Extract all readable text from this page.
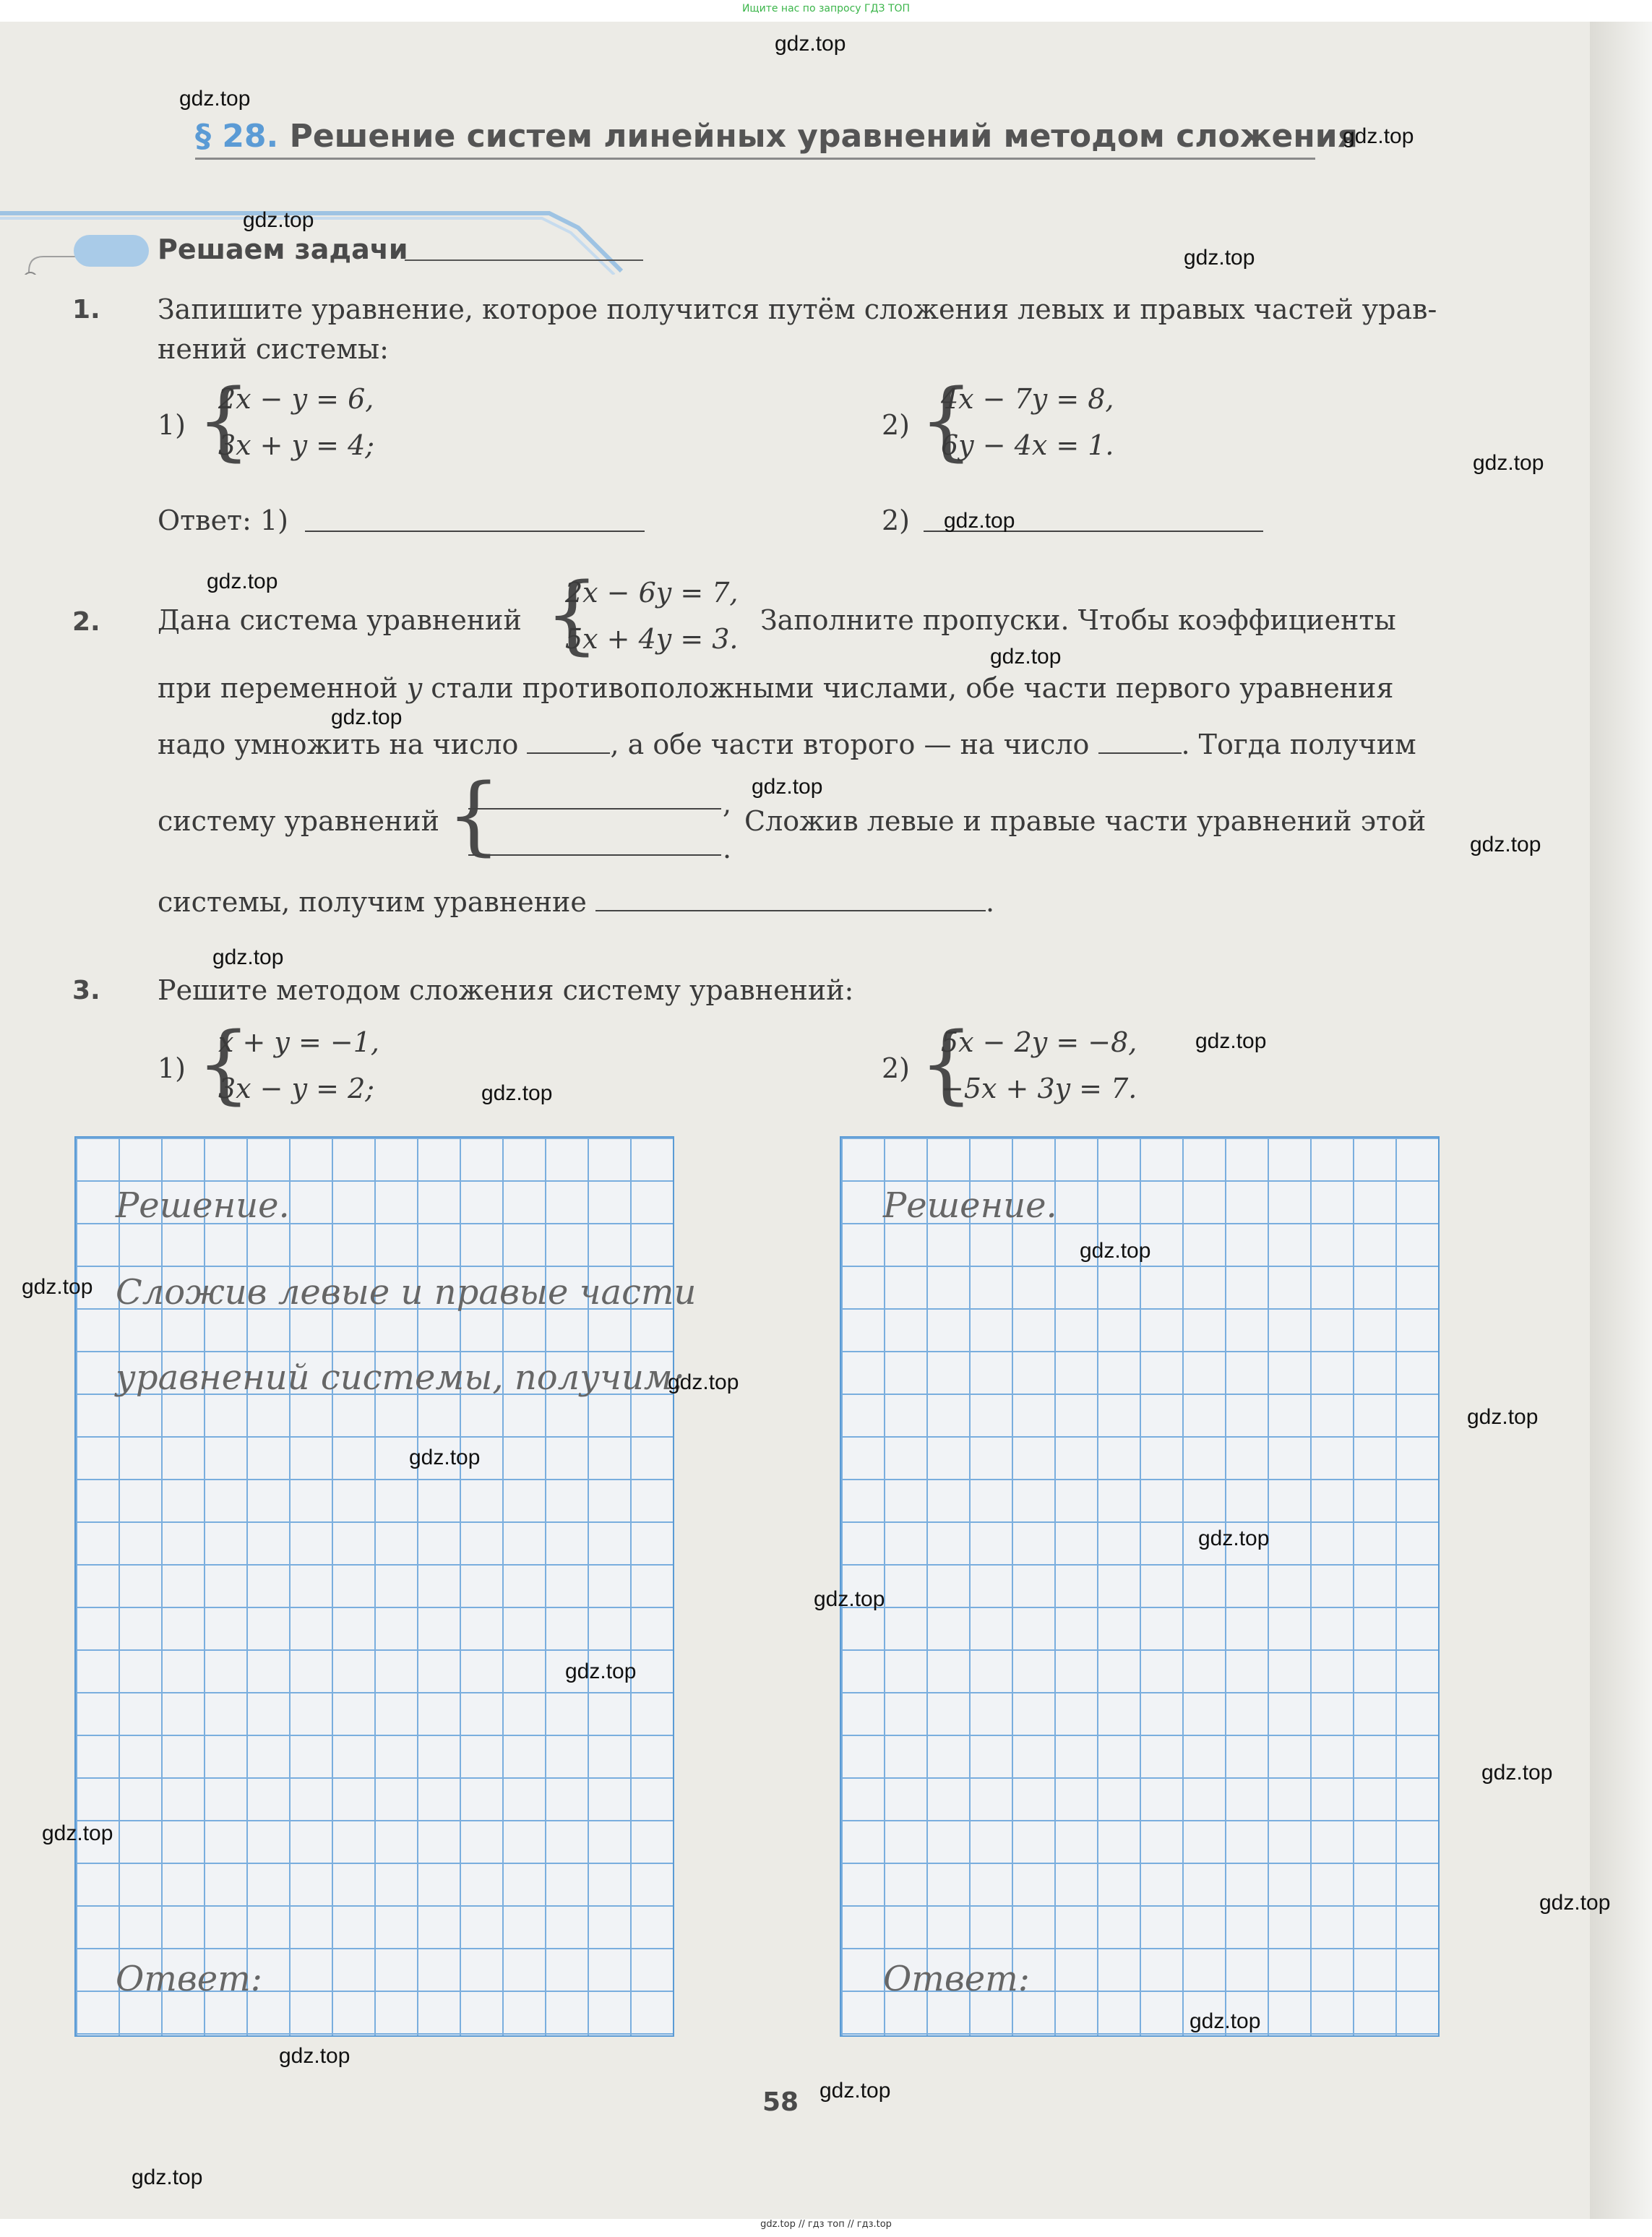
Ищите нас по запросу ГДЗ ТОП
§ 28. Решение систем линейных уравнений методом сложения
Решаем задачи
1. Запишите уравнение, которое получится путём сложения левых и правых частей урав-
нений системы:
1) {
2x − y = 6,
3x + y = 4;
2) {
4x − 7y = 8,
6y − 4x = 1.
Ответ: 1)	2)
2. Дана система уравнений {
2x − 6y = 7,
5x + 4y = 3.
Заполните пропуски. Чтобы коэффициенты
при переменной y стали противоположными числами, обе части первого уравнения
надо умножить на число	, а обе части второго — на число	. Тогда получим
систему уравнений {	,
.
Сложив левые и правые части уравнений этой
системы, получим уравнение	.
3. Решите методом сложения систему уравнений:
1) {
x + y = −1,
3x − y = 2;
2) {
5x − 2y = −8,
−5x + 3y = 7.
Решение.
Сложив левые и правые части
уравнений системы, получим:
Ответ:
Решение.
Ответ:
58
gdz.top
gdz.top
gdz.top
gdz.top
gdz.top
gdz.top
gdz.top
gdz.top
gdz.top
gdz.top
gdz.top
gdz.top
gdz.top
gdz.top
gdz.top
gdz.top
gdz.top
gdz.top
gdz.top
gdz.top
gdz.top
gdz.top
gdz.top
gdz.top
gdz.top
gdz.top
gdz.top
gdz.top
gdz.top
gdz.top
gdz.top // гдз топ // гдз.top
